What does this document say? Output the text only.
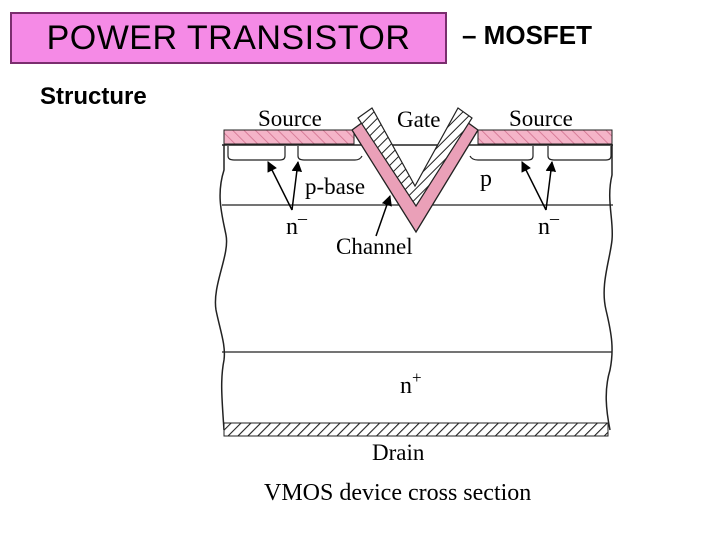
POWER TRANSISTOR – MOSFET
Structure
Source	Gate	Source
p-base	p
n–	n–
Channel
n+
Drain
VMOS device cross section
